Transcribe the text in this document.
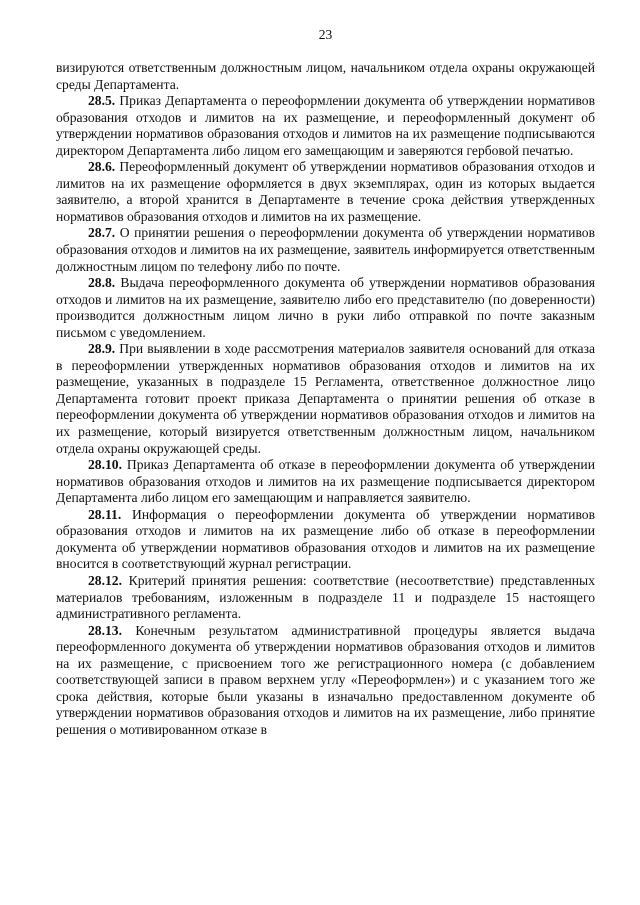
23

визируются ответственным должностным лицом, начальником отдела охраны окружающей среды Департамента.

28.5. Приказ Департамента о переоформлении документа об утверждении нормативов образования отходов и лимитов на их размещение, и переоформленный документ об утверждении нормативов образования отходов и лимитов на их размещение подписываются директором Департамента либо лицом его замещающим и заверяются гербовой печатью.

28.6. Переоформленный документ об утверждении нормативов образования отходов и лимитов на их размещение оформляется в двух экземплярах, один из которых выдается заявителю, а второй хранится в Департаменте в течение срока действия утвержденных нормативов образования отходов и лимитов на их размещение.

28.7. О принятии решения о переоформлении документа об утверждении нормативов образования отходов и лимитов на их размещение, заявитель информируется ответственным должностным лицом по телефону либо по почте.

28.8. Выдача переоформленного документа об утверждении нормативов образования отходов и лимитов на их размещение, заявителю либо его представителю (по доверенности) производится должностным лицом лично в руки либо отправкой по почте заказным письмом с уведомлением.

28.9. При выявлении в ходе рассмотрения материалов заявителя оснований для отказа в переоформлении утвержденных нормативов образования отходов и лимитов на их размещение, указанных в подразделе 15 Регламента, ответственное должностное лицо Департамента готовит проект приказа Департамента о принятии решения об отказе в переоформлении документа об утверждении нормативов образования отходов и лимитов на их размещение, который визируется ответственным должностным лицом, начальником отдела охраны окружающей среды.

28.10. Приказ Департамента об отказе в переоформлении документа об утверждении нормативов образования отходов и лимитов на их размещение подписывается директором Департамента либо лицом его замещающим и направляется заявителю.

28.11. Информация о переоформлении документа об утверждении нормативов образования отходов и лимитов на их размещение либо об отказе в переоформлении документа об утверждении нормативов образования отходов и лимитов на их размещение вносится в соответствующий журнал регистрации.

28.12. Критерий принятия решения: соответствие (несоответствие) представленных материалов требованиям, изложенным в подразделе 11 и подразделе 15 настоящего административного регламента.

28.13. Конечным результатом административной процедуры является выдача переоформленного документа об утверждении нормативов образования отходов и лимитов на их размещение, с присвоением того же регистрационного номера (с добавлением соответствующей записи в правом верхнем углу «Переоформлен») и с указанием того же срока действия, которые были указаны в изначально предоставленном документе об утверждении нормативов образования отходов и лимитов на их размещение, либо принятие решения о мотивированном отказе в
